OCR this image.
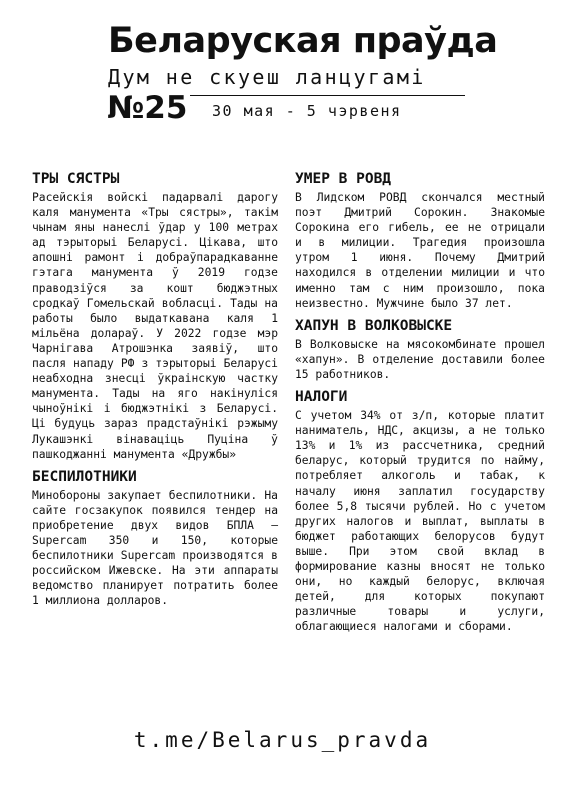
Беларуская праўда
Дум не скуеш ланцугамі
№25 30 мая - 5 чэрвеня
ТРЫ СЯСТРЫ

Расейскія войскі падарвалі дарогу каля манумента «Тры сястры», такім чынам яны нанеслі ўдар у 100 метрах ад тэрыторыі Беларусі. Цікава, што апошні рамонт і добраўпарадкаванне гэтага манумента ў 2019 годзе праводзіўся за кошт бюджэтных сродкаў Гомельскай вобласці. Тады на работы было выдаткавана каля 1 мільёна долараў. У 2022 годзе мэр Чарнігава Атрошэнка заявіў, што пасля нападу РФ з тэрыторыі Беларусі неабходна знесці ўкраінскую частку манумента. Тады на яго накінуліся чыноўнікі і бюджэтнікі з Беларусі. Ці будуць зараз прадстаўнікі рэжыму Лукашэнкі вінаваціць Пуціна ў пашкоджанні манумента «Дружбы»

БЕСПИЛОТНИКИ

Минобороны закупает беспилотники. На сайте госзакупок появился тендер на приобретение двух видов БПЛА — Supercam 350 и 150, которые беспилотники Supercam производятся в российском Ижевске. На эти аппараты ведомство планирует потратить более 1 миллиона долларов.

УМЕР В РОВД

В Лидском РОВД скончался местный поэт Дмитрий Сорокин. Знакомые Сорокина его гибель, ее не отрицали и в милиции. Трагедия произошла утром 1 июня. Почему Дмитрий находился в отделении милиции и что именно там с ним произошло, пока неизвестно. Мужчине было 37 лет.

ХАПУН В ВОЛКОВЫСКЕ

В Волковыске на мясокомбинате прошел «хапун». В отделение доставили более 15 работников.

НАЛОГИ

С учетом 34% от з/п, которые платит наниматель, НДС, акцизы, а не только 13% и 1% из рассчетника, средний беларус, который трудится по найму, потребляет алкоголь и табак, к началу июня заплатил государству более 5,8 тысячи рублей. Но с учетом других налогов и выплат, выплаты в бюджет работающих белорусов будут выше. При этом свой вклад в формирование казны вносят не только они, но каждый белорус, включая детей, для которых покупают различные товары и услуги, облагающиеся налогами и сборами.

t.me/Belarus_pravda
